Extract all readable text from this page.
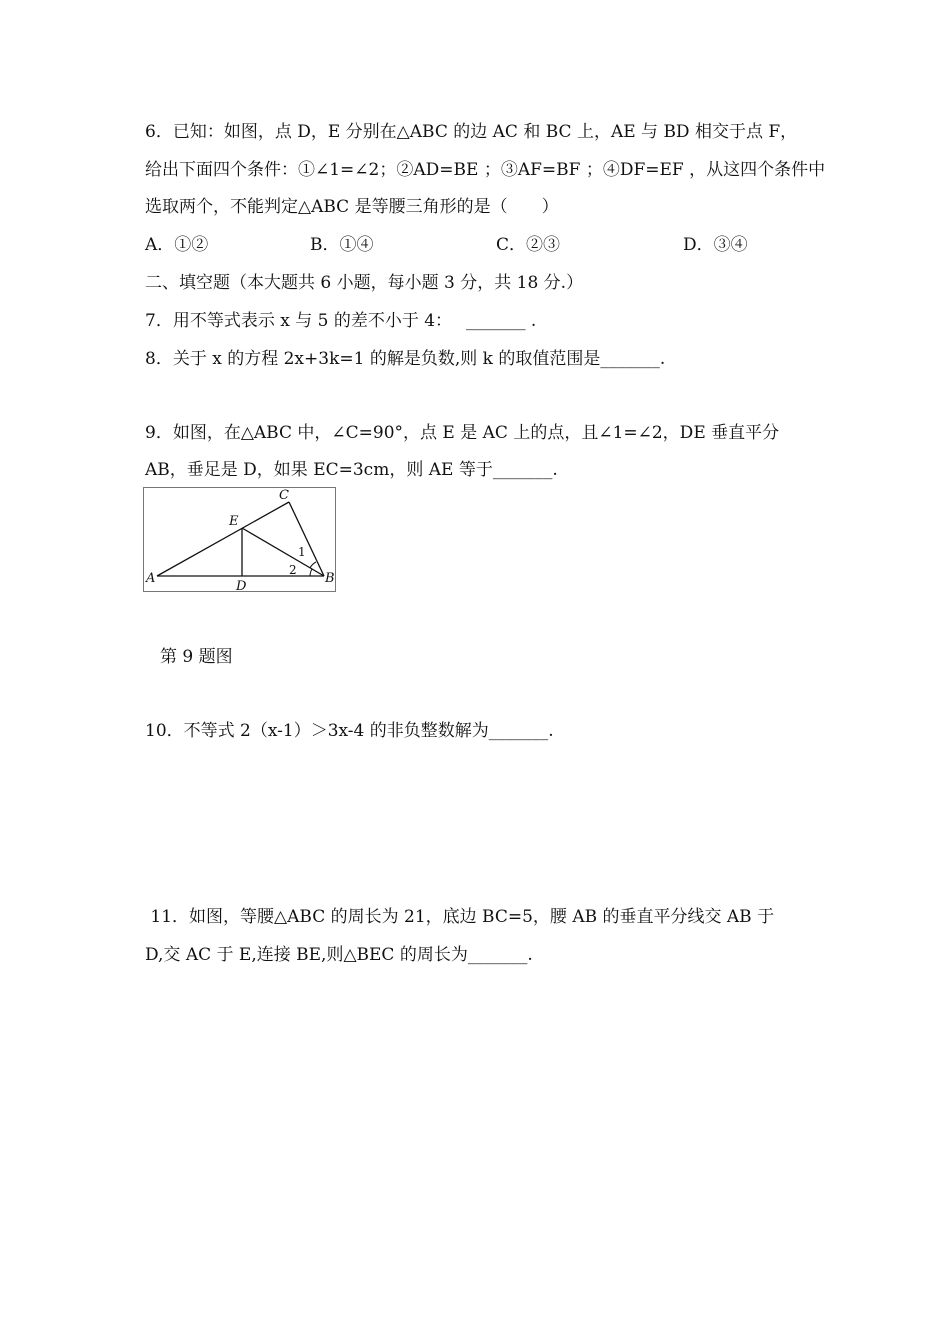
6．已知：如图，点 D，E 分别在△ABC 的边 AC 和 BC 上，AE 与 BD 相交于点 F，
给出下面四个条件：①∠1=∠2；②AD=BE ；③AF=BF ；④DF=EF ，从这四个条件中
选取两个，不能判定△ABC 是等腰三角形的是（　　）
A．①②	B．①④	C．②③	D．③④
二、填空题（本大题共 6 小题，每小题 3 分，共 18 分.）
7．用不等式表示 x 与 5 的差不小于 4：　 _______ .
8．关于 x 的方程 2x+3k=1 的解是负数,则 k 的取值范围是_______.
9．如图，在△ABC 中，∠C=90°，点 E 是 AC 上的点，且∠1=∠2，DE 垂直平分
AB，垂足是 D，如果 EC=3cm，则 AE 等于_______.
A	B
C
D
E
1
2
第 9 题图
10．不等式 2（x-1）＞3x-4 的非负整数解为_______.
11．如图，等腰△ABC 的周长为 21，底边 BC=5，腰 AB 的垂直平分线交 AB 于
D,交 AC 于 E,连接 BE,则△BEC 的周长为_______.
